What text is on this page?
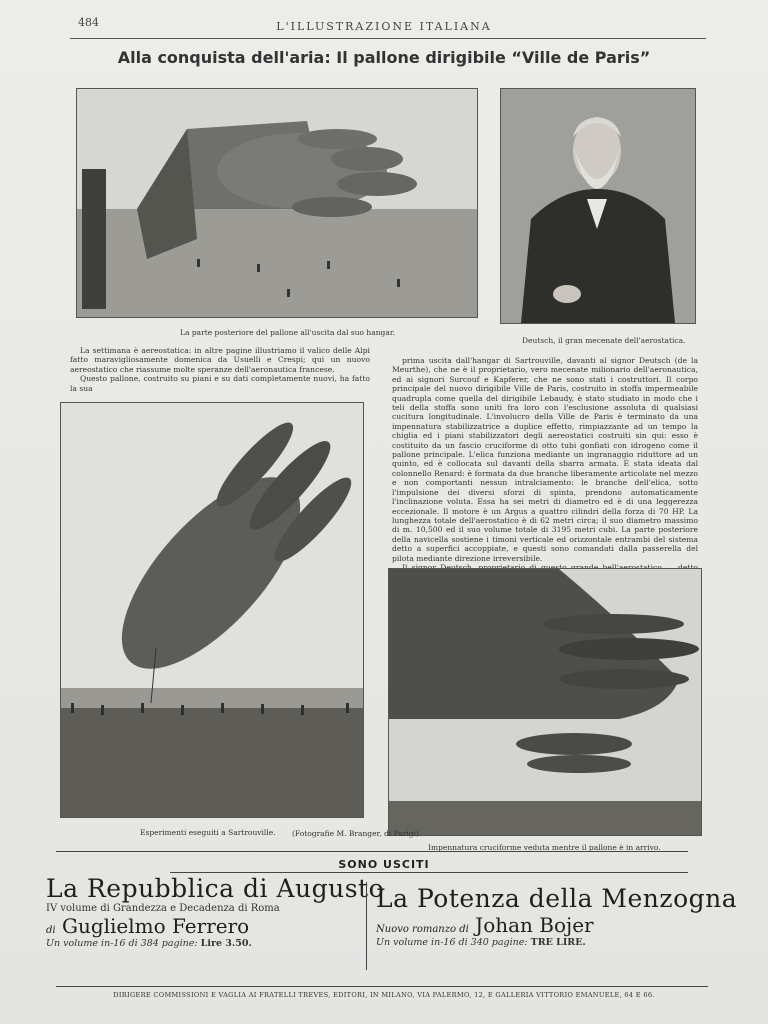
484	L'ILLUSTRAZIONE ITALIANA
Alla conquista dell'aria: Il pallone dirigibile “Ville de Paris”
La parte posteriore del pallone all'uscita dal suo hangar.
Deutsch, il gran mecenate dell'aerostatica.

La settimana è aereostatica: in altre pagine illustriamo il valico delle Alpi fatto maravigliosamente domenica da Usuelli e Crespi; qui un nuovo aereostatico che riassume molte speranze dell'aeronautica francese.

Questo pallone, costruito su piani e su dati completamente nuovi, ha fatto la sua

prima uscita dall'hangar di Sartrouville, davanti al signor Deutsch (de la Meurthe), che ne è il proprietario, vero mecenate milionario dell'aeronautica, ed ai signori Surcouf e Kapferer, che ne sono stati i costruttori. Il corpo principale del nuovo dirigibile Ville de Paris, costruito in stoffa impermeabile quadrupla come quella del dirigibile Lebaudy, è stato studiato in modo che i teli della stoffa sono uniti fra loro con l'esclusione assoluta di qualsiasi cucitura longitudinale. L'involucro della Ville de Paris è terminato da una impennatura stabilizzatrice a duplice effetto, rimpiazzante ad un tempo la chiglia ed i piani stabilizzatori degli aereostatici costruiti sin qui: esso è costituito da un fascio cruciforme di otto tubi gonfiati con idrogeno come il pallone principale. L'elica funziona mediante un ingranaggio riduttore ad un quinto, ed è collocata sul davanti della sbarra armata. È stata ideata dal colonnello Renard: è formata da due branche liberamente articolate nel mezzo e non comportanti nessun intralciamento: le branche dell'elica, sotto l'impulsione dei diversi sforzi di spinta, prendono automaticamente l'inclinazione voluta. Essa ha sei metri di diametro ed è di una leggerezza eccezionale. Il motore è un Argus a quattro cilindri della forza di 70 HP. La lunghezza totale dell'aerostatico è di 62 metri circa; il suo diametro massimo di m. 10,500 ed il suo volume totale di 3195 metri cubi. La parte posteriore della navicella sostiene i timoni verticale ed orizzontale entrambi del sistema detto a superfici accoppiate, e questi sono comandati dalla passerella del pilota mediante direzione irreversibile.

Esperimenti eseguiti a Sartrouville. (Fotografie M. Branger, di Parigi).
Impennatura cruciforme veduta mentre il pallone è in arrivo.
SONO USCITI
La Repubblica di Augusto
IV volume di Grandezza e Decadenza di Roma
di Guglielmo Ferrero
Un volume in-16 di 384 pagine: Lire 3.50.
La Potenza della Menzogna
Nuovo romanzo di Johan Bojer
Un volume in-16 di 340 pagine: TRE LIRE.
DIRIGERE COMMISSIONI E VAGLIA AI FRATELLI TREVES, EDITORI, IN MILANO, VIA PALERMO, 12, E GALLERIA VITTORIO EMANUELE, 64 E 66.
